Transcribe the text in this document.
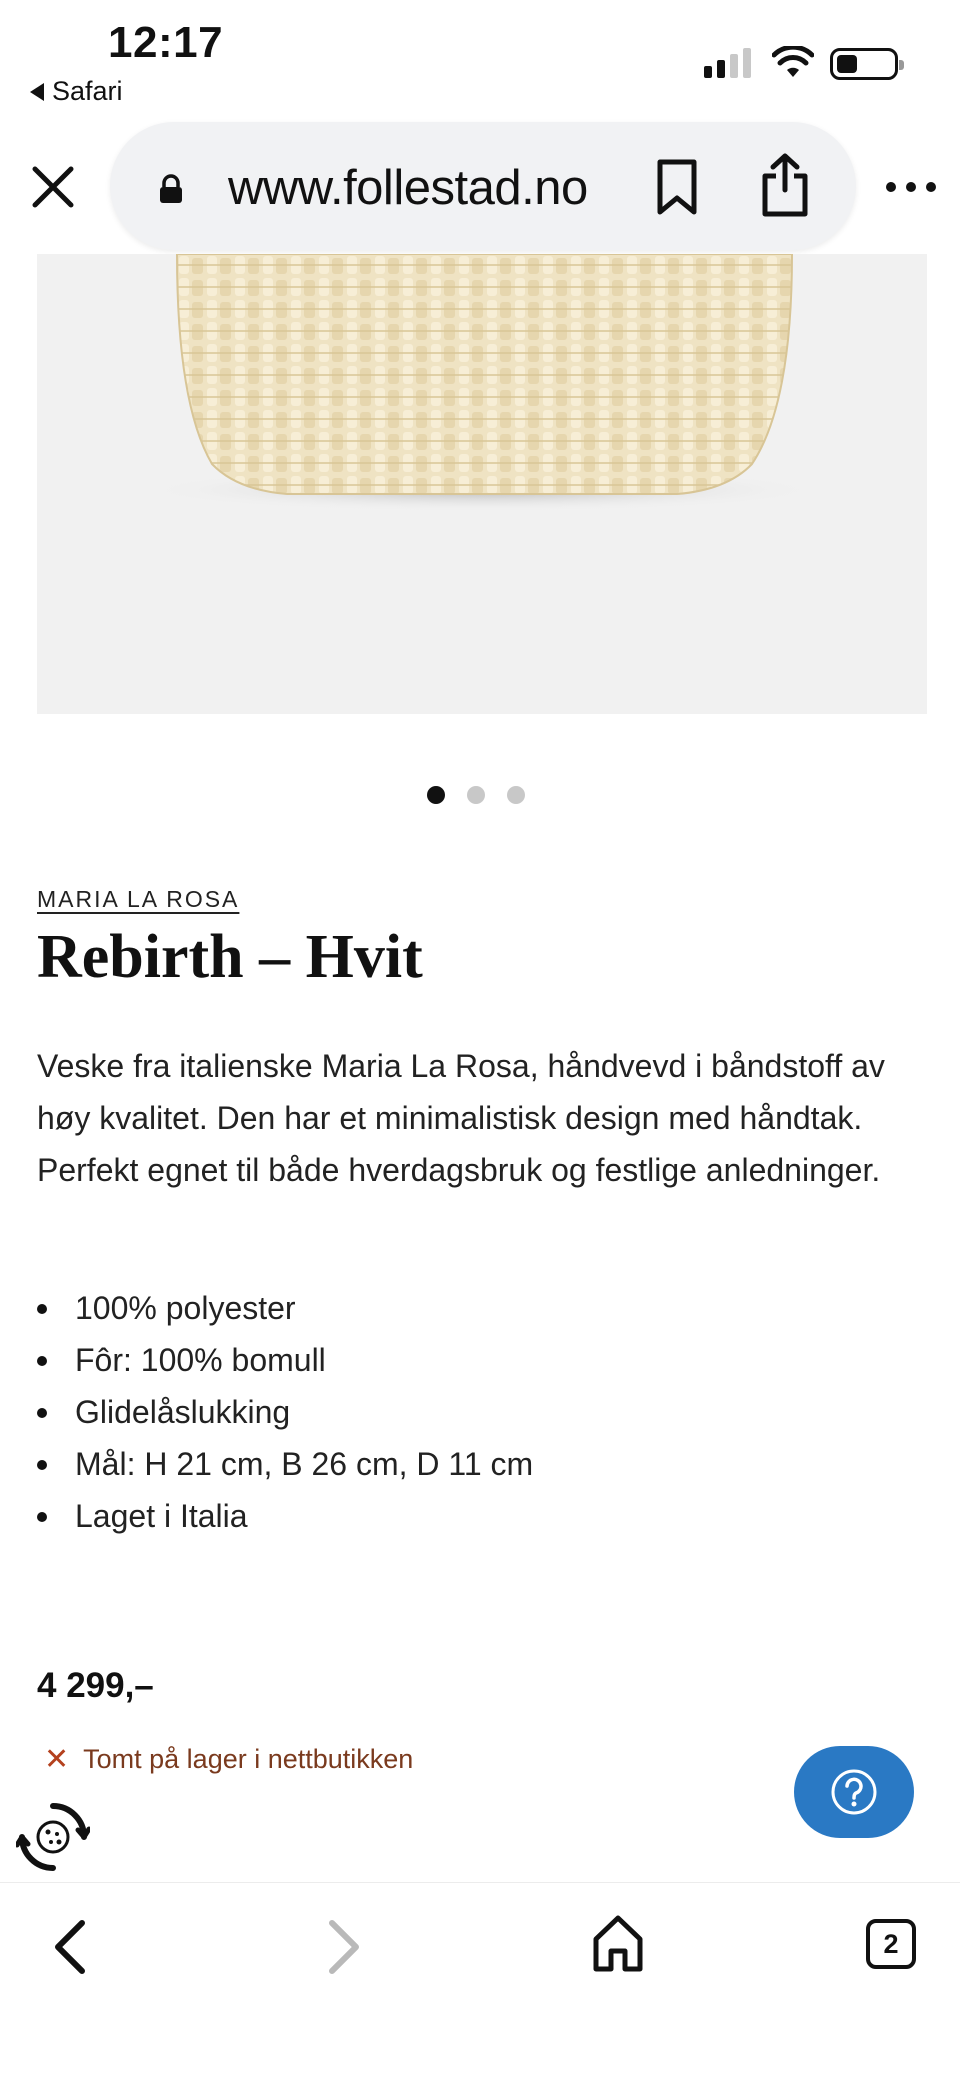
12:17
Safari
www.follestad.no
MARIA LA ROSA
Rebirth – Hvit

Veske fra italienske Maria La Rosa, håndvevd i båndstoff av høy kvalitet. Den har et minimalistisk design med håndtak. Perfekt egnet til både hverdagsbruk og festlige anledninger.

100% polyester
Fôr: 100% bomull
Glidelåslukking
Mål: H 21 cm, B 26 cm, D 11 cm
Laget i Italia
4 299,–
✕ Tomt på lager i nettbutikken
2
